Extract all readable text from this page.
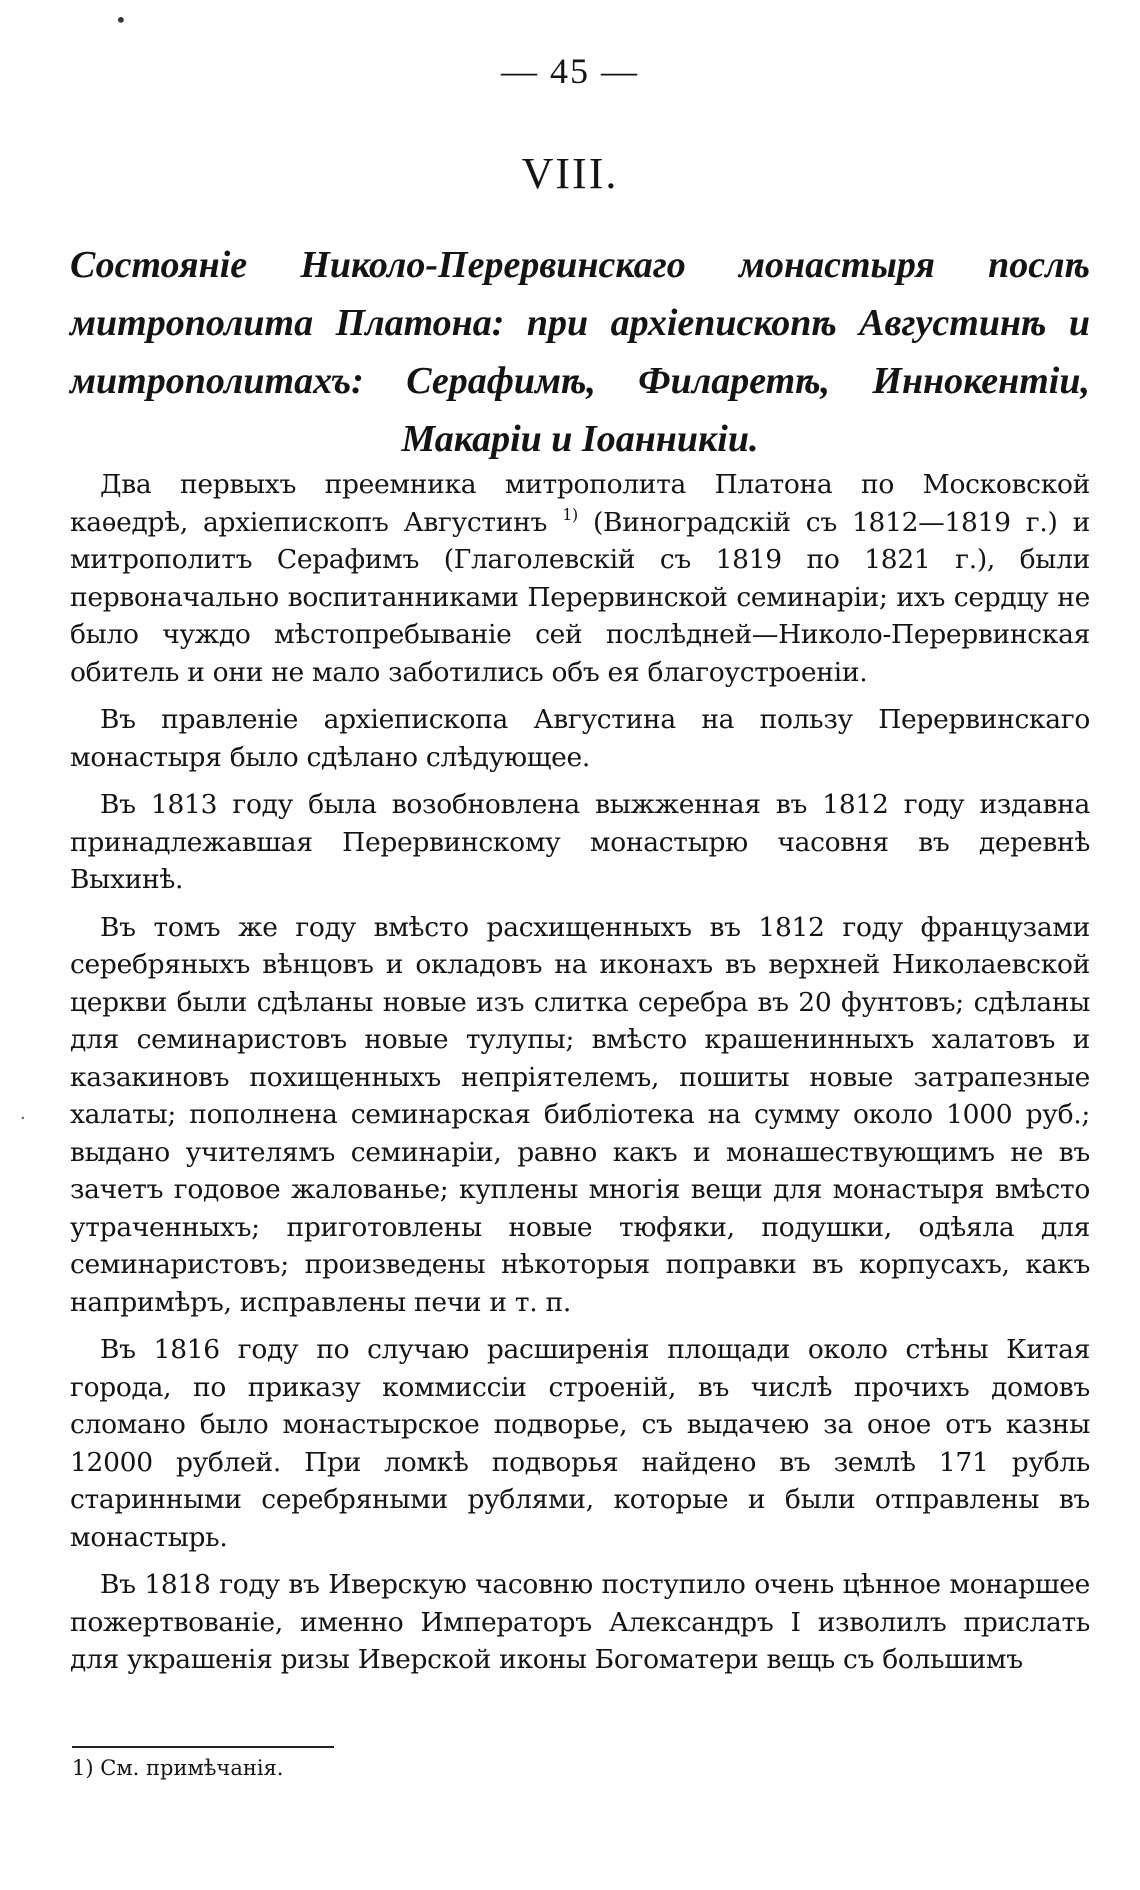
•
·
— 45 —
VIII.
Состоянiе Николо-Перервинскаго монастыря послѣ митрополита Платона: при архiепископѣ Августинѣ и митрополитахъ: Серафимѣ, Филаретѣ, Иннокентiи, Макарiи и Iоанникiи.

Два первыхъ преемника митрополита Платона по Московской каѳедрѣ, архiепископъ Августинъ $^{1)}$ (Виноградскiй съ 1812—1819 г.) и митрополитъ Серафимъ (Глаголевскiй съ 1819 по 1821 г.), были первоначально воспитанниками Перервинской семинарiи; ихъ сердцу не было чуждо мѣстопребыванiе сей послѣдней—Николо-Перервинская обитель и они не мало заботились объ ея благоустроенiи.

Въ правленiе архiепископа Августина на пользу Перервинскаго монастыря было сдѣлано слѣдующее.

Въ 1813 году была возобновлена выжженная въ 1812 году издавна принадлежавшая Перервинскому монастырю часовня въ деревнѣ Выхинѣ.

Въ томъ же году вмѣсто расхищенныхъ въ 1812 году французами серебряныхъ вѣнцовъ и окладовъ на иконахъ въ верхней Николаевской церкви были сдѣланы новые изъ слитка серебра въ 20 фунтовъ; сдѣланы для семинаристовъ новые тулупы; вмѣсто крашенинныхъ халатовъ и казакиновъ похищенныхъ непрiятелемъ, пошиты новые затрапезные халаты; пополнена семинарская библiотека на сумму около 1000 руб.; выдано учителямъ семинарiи, равно какъ и монашествующимъ не въ зачетъ годовое жалованье; куплены многiя вещи для монастыря вмѣсто утраченныхъ; приготовлены новые тюфяки, подушки, одѣяла для семинаристовъ; произведены нѣкоторыя поправки въ корпусахъ, какъ напримѣръ, исправлены печи и т. п.

Въ 1816 году по случаю расширенiя площади около стѣны Китая города, по приказу коммиссiи строенiй, въ числѣ прочихъ домовъ сломано было монастырское подворье, съ выдачею за оное отъ казны 12000 рублей. При ломкѣ подворья найдено въ землѣ 171 рубль старинными серебряными рублями, которые и были отправлены въ монастырь.

Въ 1818 году въ Иверскую часовню поступило очень цѣнное монаршее пожертвованiе, именно Императоръ Александръ I изволилъ прислать для украшенiя ризы Иверской иконы Богоматери вещь съ большимъ

1) См. примѣчанiя.
